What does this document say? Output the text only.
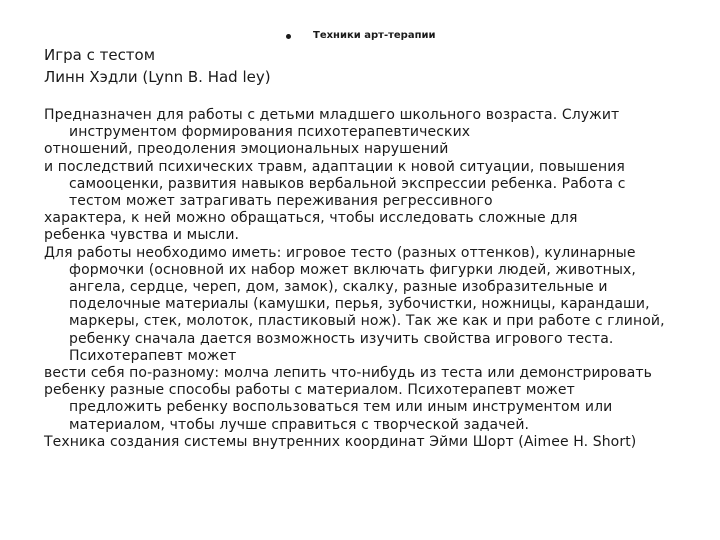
Техники арт-терапии
Игра с тестом
Линн Хэдли (Lynn B. Had ley)

Предназначен для работы с детьми младшего школьного возраста. Служит
инструментом формирования психотерапевтических

отношений, преодоления эмоциональных нарушений

и последствий психических травм, адаптации к новой ситуации, повышения
самооценки, развития навыков вербальной экспрессии ребенка. Работа с
тестом может затрагивать переживания регрессивного

характера, к ней можно обращаться, чтобы исследовать сложные для

ребенка чувства и мысли.

Для работы необходимо иметь: игровое тесто (разных оттенков), кулинарные
формочки (основной их набор может включать фигурки людей, животных,
ангела, сердце, череп, дом, замок), скалку, разные изобразительные и
поделочные материалы (камушки, перья, зубочистки, ножницы, карандаши,
маркеры, стек, молоток, пластиковый нож). Так же как и при работе с глиной,
ребенку сначала дается возможность изучить свойства игрового теста.
Психотерапевт может

вести себя по-разному: молча лепить что-нибудь из теста или демонстрировать

ребенку разные способы работы с материалом. Психотерапевт может
предложить ребенку воспользоваться тем или иным инструментом или
материалом, чтобы лучше справиться с творческой задачей.

Техника создания системы внутренних координат Эйми Шорт (Aimee H. Short)
